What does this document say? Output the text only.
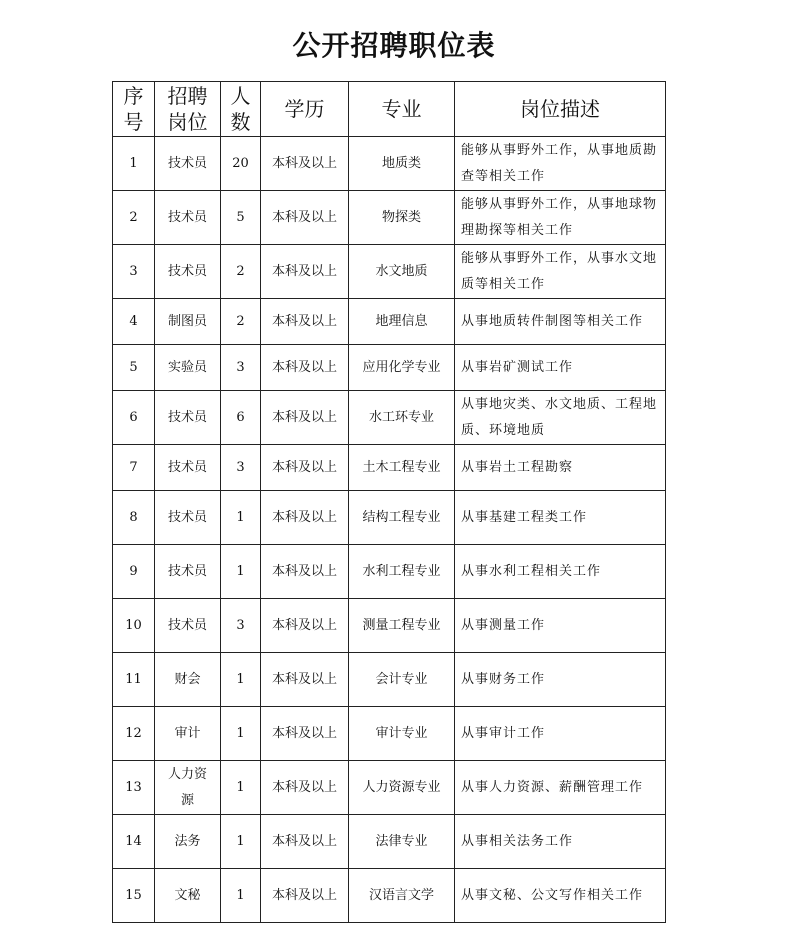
公开招聘职位表
序号	招聘岗位	人数	学历	专业	岗位描述
1	技术员	20	本科及以上	地质类	能够从事野外工作，从事地质勘查等相关工作
2	技术员	5	本科及以上	物探类	能够从事野外工作，从事地球物理勘探等相关工作
3	技术员	2	本科及以上	水文地质	能够从事野外工作，从事水文地质等相关工作
4	制图员	2	本科及以上	地理信息	从事地质转件制图等相关工作
5	实验员	3	本科及以上	应用化学专业	从事岩矿测试工作
6	技术员	6	本科及以上	水工环专业	从事地灾类、水文地质、工程地质、环境地质
7	技术员	3	本科及以上	土木工程专业	从事岩土工程勘察
8	技术员	1	本科及以上	结构工程专业	从事基建工程类工作
9	技术员	1	本科及以上	水利工程专业	从事水利工程相关工作
10	技术员	3	本科及以上	测量工程专业	从事测量工作
11	财会	1	本科及以上	会计专业	从事财务工作
12	审计	1	本科及以上	审计专业	从事审计工作
13	人力资源	1	本科及以上	人力资源专业	从事人力资源、薪酬管理工作
14	法务	1	本科及以上	法律专业	从事相关法务工作
15	文秘	1	本科及以上	汉语言文学	从事文秘、公文写作相关工作
